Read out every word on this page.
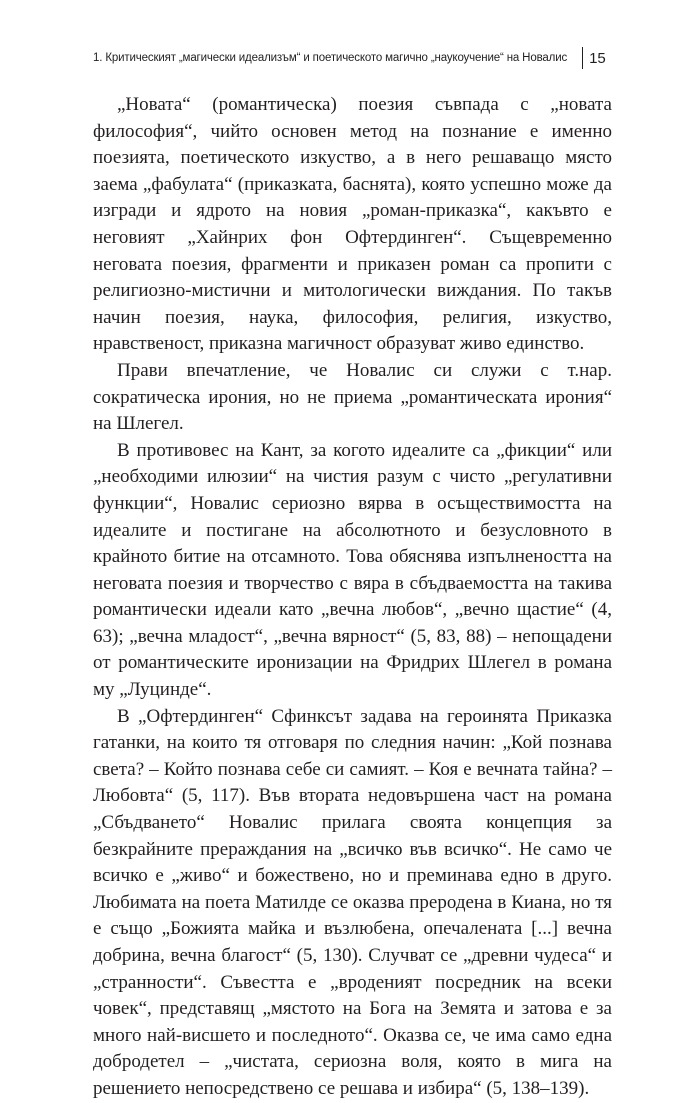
1. Критическият „магически идеализъм“ и поетическото магично „наукоучение“ на Новалис 15

„Новата“ (романтическа) поезия съвпада с „новата философия“, чийто основен метод на познание е именно поезията, поетическото изкуство, а в него решаващо място заема „фабулата“ (приказката, баснята), която успешно може да изгради и ядрото на новия „роман-приказка“, какъвто е неговият „Хайнрих фон Офтердинген“. Същевременно неговата поезия, фрагменти и приказен роман са пропити с религиозно-мистични и митологически виждания. По такъв начин поезия, наука, философия, религия, изкуство, нравственост, приказна магичност образуват живо единство.

Прави впечатление, че Новалис си служи с т.нар. сократическа ирония, но не приема „романтическата ирония“ на Шлегел.

В противовес на Кант, за когото идеалите са „фикции“ или „необходими илюзии“ на чистия разум с чисто „регулативни функции“, Новалис сериозно вярва в осъществимостта на идеалите и постигане на абсолютното и безусловното в крайното битие на отсамното. Това обяснява изпълнеността на неговата поезия и творчество с вяра в сбъдваемостта на такива романтически идеали като „вечна любов“, „вечно щастие“ (4, 63); „вечна младост“, „вечна вярност“ (5, 83, 88) – непощадени от романтическите иронизации на Фридрих Шлегел в романа му „Луцинде“.

В „Офтердинген“ Сфинксът задава на героинята Приказка гатанки, на които тя отговаря по следния начин: „Кой познава света? – Който познава себе си самият. – Коя е вечната тайна? – Любовта“ (5, 117). Във втората недовършена част на романа „Сбъдването“ Новалис прилага своята концепция за безкрайните прераждания на „всичко във всичко“. Не само че всичко е „живо“ и божествено, но и преминава едно в друго. Любимата на поета Матилде се оказва преродена в Киана, но тя е също „Божията майка и възлюбена, опечалената [...] вечна добрина, вечна благост“ (5, 130). Случват се „древни чудеса“ и „странности“. Съвестта е „вроденият посредник на всеки човек“, представящ „мястото на Бога на Земята и затова е за много най-висшето и последното“. Оказва се, че има само една добродетел – „чистата, сериозна воля, която в мига на решението непосредствено се решава и избира“ (5, 138–139).
